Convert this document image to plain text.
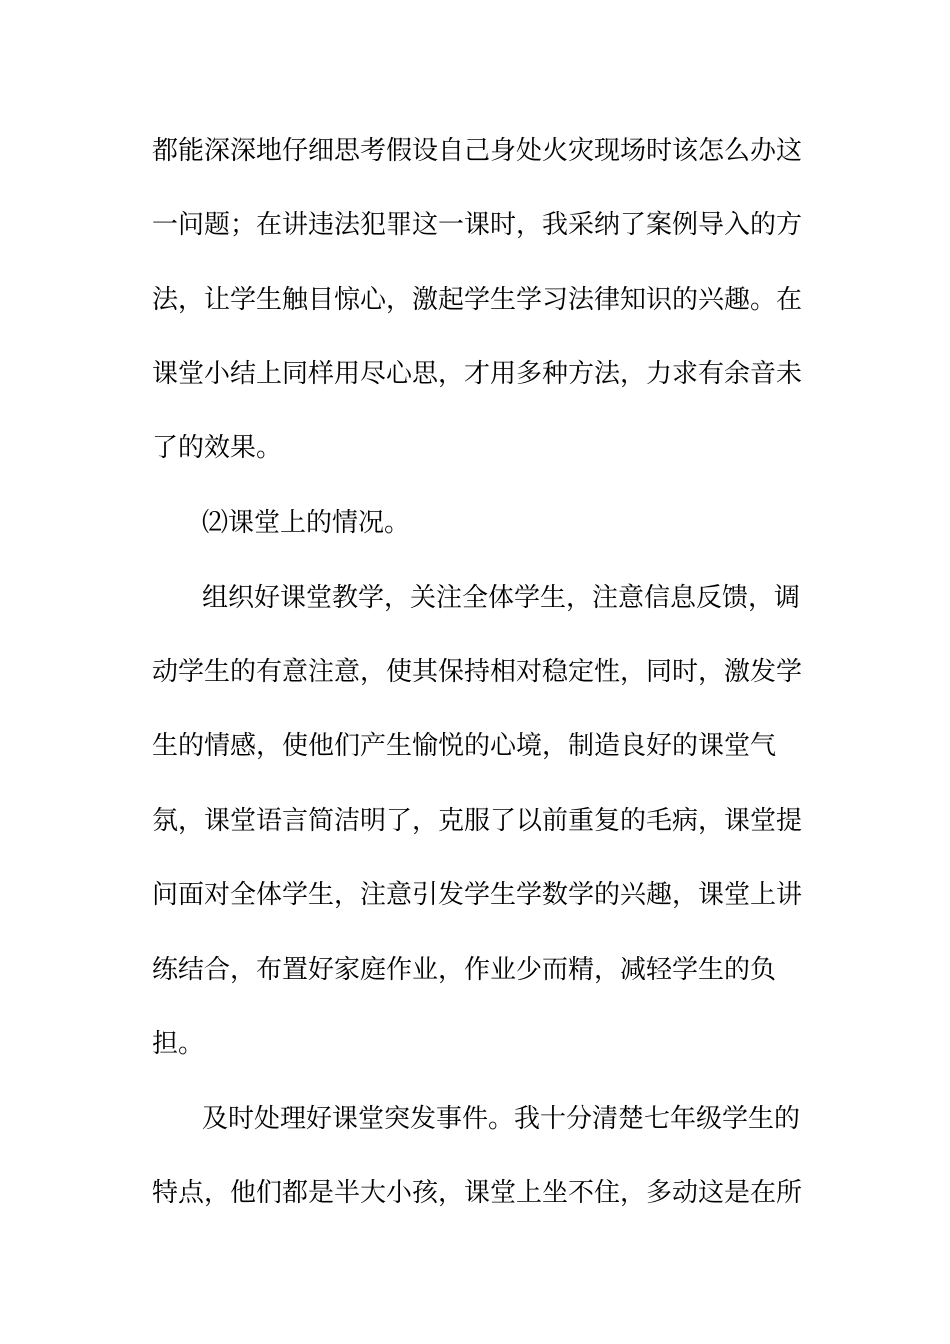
都能深深地仔细思考假设自己身处火灾现场时该怎么办这
一问题；在讲违法犯罪这一课时，我采纳了案例导入的方
法，让学生触目惊心，激起学生学习法律知识的兴趣。在
课堂小结上同样用尽心思，才用多种方法，力求有余音未
了的效果。
⑵课堂上的情况。
组织好课堂教学，关注全体学生，注意信息反馈，调
动学生的有意注意，使其保持相对稳定性，同时，激发学
生的情感，使他们产生愉悦的心境，制造良好的课堂气
氛，课堂语言简洁明了，克服了以前重复的毛病，课堂提
问面对全体学生，注意引发学生学数学的兴趣，课堂上讲
练结合，布置好家庭作业，作业少而精，减轻学生的负
担。
及时处理好课堂突发事件。我十分清楚七年级学生的
特点，他们都是半大小孩，课堂上坐不住，多动这是在所
